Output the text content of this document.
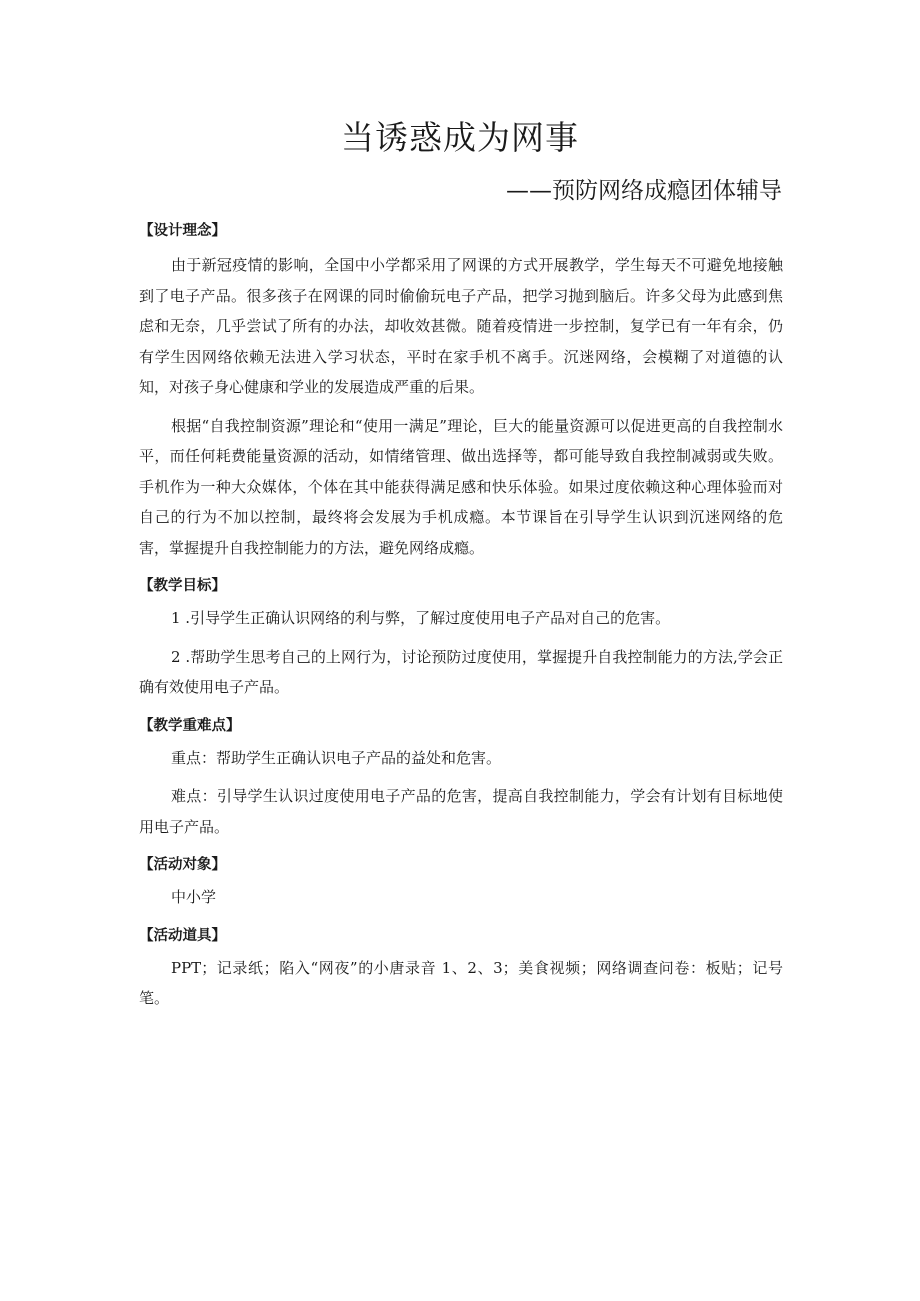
当诱惑成为网事
——预防网络成瘾团体辅导
【设计理念】

由于新冠疫情的影响，全国中小学都采用了网课的方式开展教学，学生每天不可避免地接触到了电子产品。很多孩子在网课的同时偷偷玩电子产品，把学习抛到脑后。许多父母为此感到焦虑和无奈，几乎尝试了所有的办法，却收效甚微。随着疫情进一步控制，复学已有一年有余，仍有学生因网络依赖无法进入学习状态，平时在家手机不离手。沉迷网络，会模糊了对道德的认知，对孩子身心健康和学业的发展造成严重的后果。

根据“自我控制资源”理论和“使用一满足”理论，巨大的能量资源可以促进更高的自我控制水平，而任何耗费能量资源的活动，如情绪管理、做出选择等，都可能导致自我控制减弱或失败。手机作为一种大众媒体，个体在其中能获得满足感和快乐体验。如果过度依赖这种心理体验而对自己的行为不加以控制，最终将会发展为手机成瘾。本节课旨在引导学生认识到沉迷网络的危害，掌握提升自我控制能力的方法，避免网络成瘾。

【教学目标】

1 .引导学生正确认识网络的利与弊，了解过度使用电子产品对自己的危害。

2 .帮助学生思考自己的上网行为，讨论预防过度使用，掌握提升自我控制能力的方法,学会正确有效使用电子产品。

【教学重难点】

重点：帮助学生正确认识电子产品的益处和危害。

难点：引导学生认识过度使用电子产品的危害，提高自我控制能力，学会有计划有目标地使用电子产品。

【活动对象】

中小学

【活动道具】

PPT；记录纸；陷入“网夜”的小唐录音 1、2、3；美食视频；网络调查问卷：板贴；记号笔。
